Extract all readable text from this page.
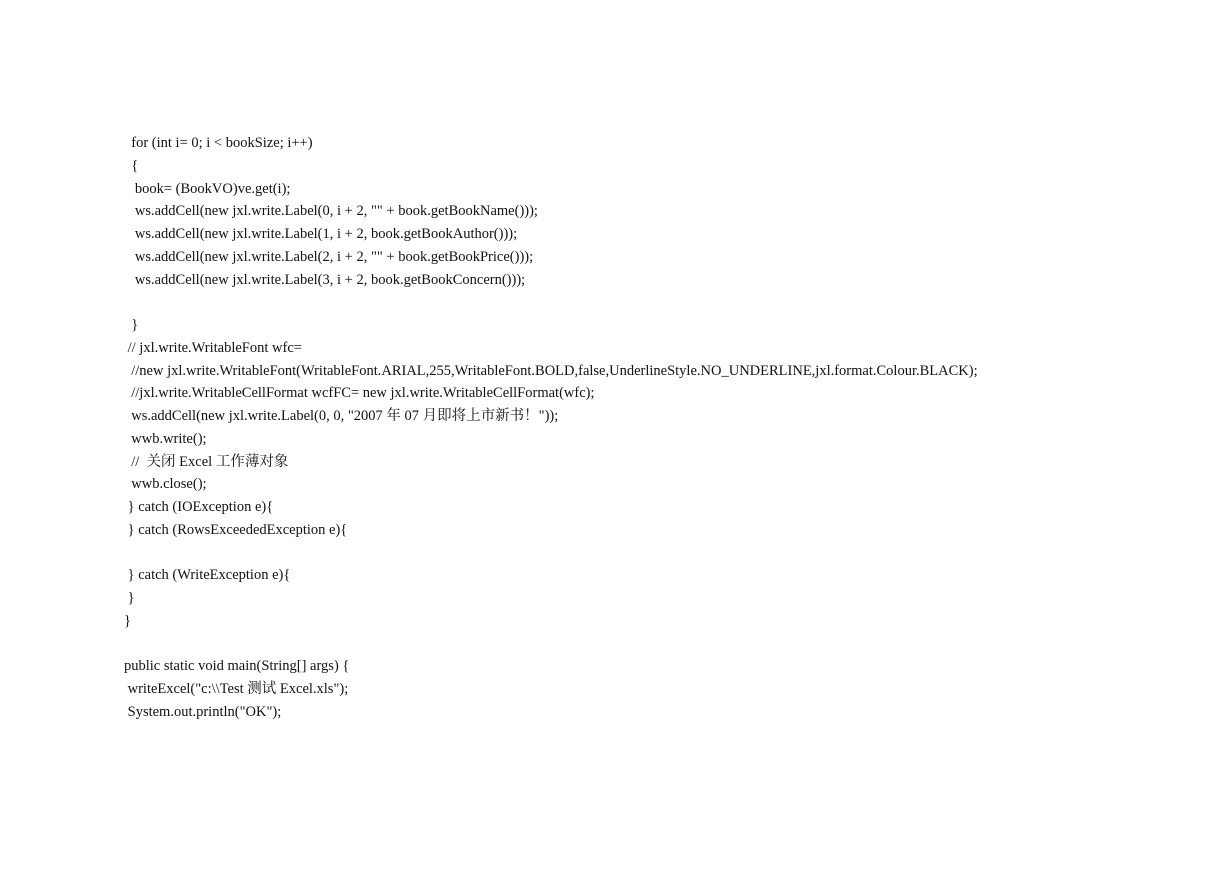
for (int i= 0; i < bookSize; i++)
{
book= (BookVO)ve.get(i);
ws.addCell(new jxl.write.Label(0, i + 2, "" + book.getBookName()));
ws.addCell(new jxl.write.Label(1, i + 2, book.getBookAuthor()));
ws.addCell(new jxl.write.Label(2, i + 2, "" + book.getBookPrice()));
ws.addCell(new jxl.write.Label(3, i + 2, book.getBookConcern()));
}
// jxl.write.WritableFont wfc=
//new jxl.write.WritableFont(WritableFont.ARIAL,255,WritableFont.BOLD,false,UnderlineStyle.NO_UNDERLINE,jxl.format.Colour.BLACK);
//jxl.write.WritableCellFormat wcfFC= new jxl.write.WritableCellFormat(wfc);
ws.addCell(new jxl.write.Label(0, 0, "2007 年 07 月即将上市新书！"));
wwb.write();
//  关闭 Excel 工作薄对象
wwb.close();
} catch (IOException e){
} catch (RowsExceededException e){
} catch (WriteException e){
}
}
public static void main(String[] args) {
writeExcel("c:\\Test 测试 Excel.xls");
System.out.println("OK");
